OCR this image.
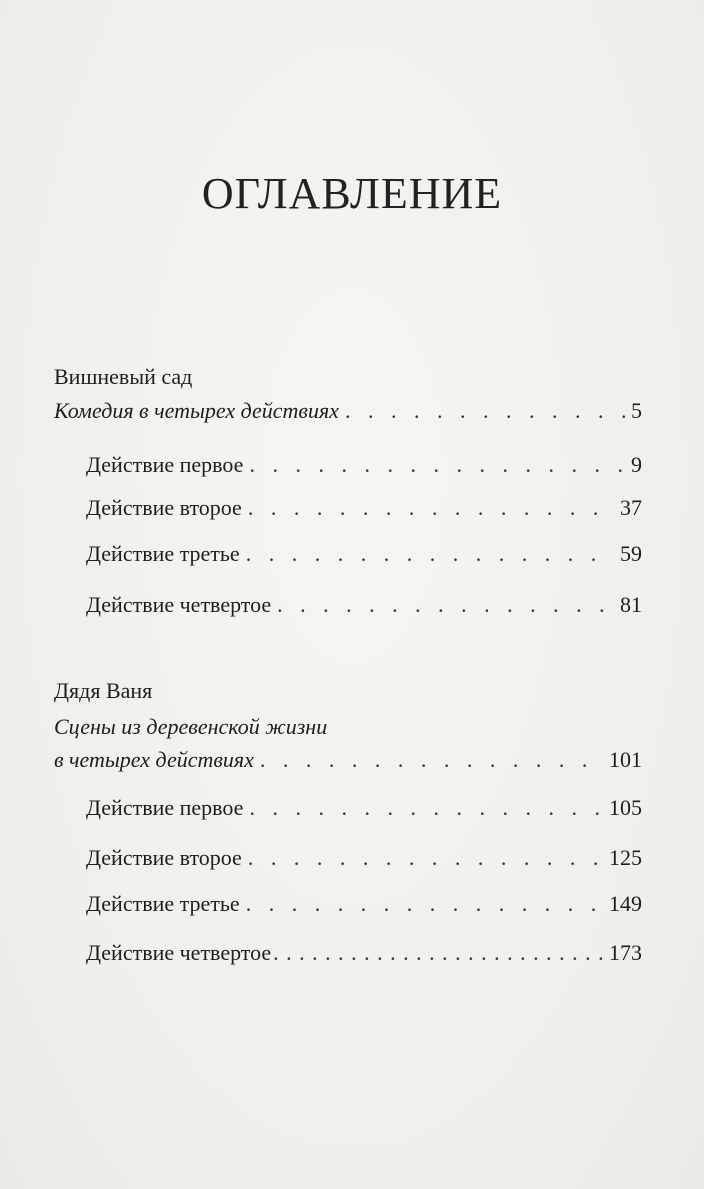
ОГЛАВЛЕНИЕ
Вишневый сад
Комедия в четырех действиях . . .	5
Действие первое . . .	9
Действие второе . . .	37
Действие третье . . .	59
Действие четвертое . . .	81
Дядя Ваня
Сцены из деревенской жизни
в четырех действиях . . .	101
Действие первое . . .	105
Действие второе . . .	125
Действие третье . . .	149
Действие четвертое . . .	173
